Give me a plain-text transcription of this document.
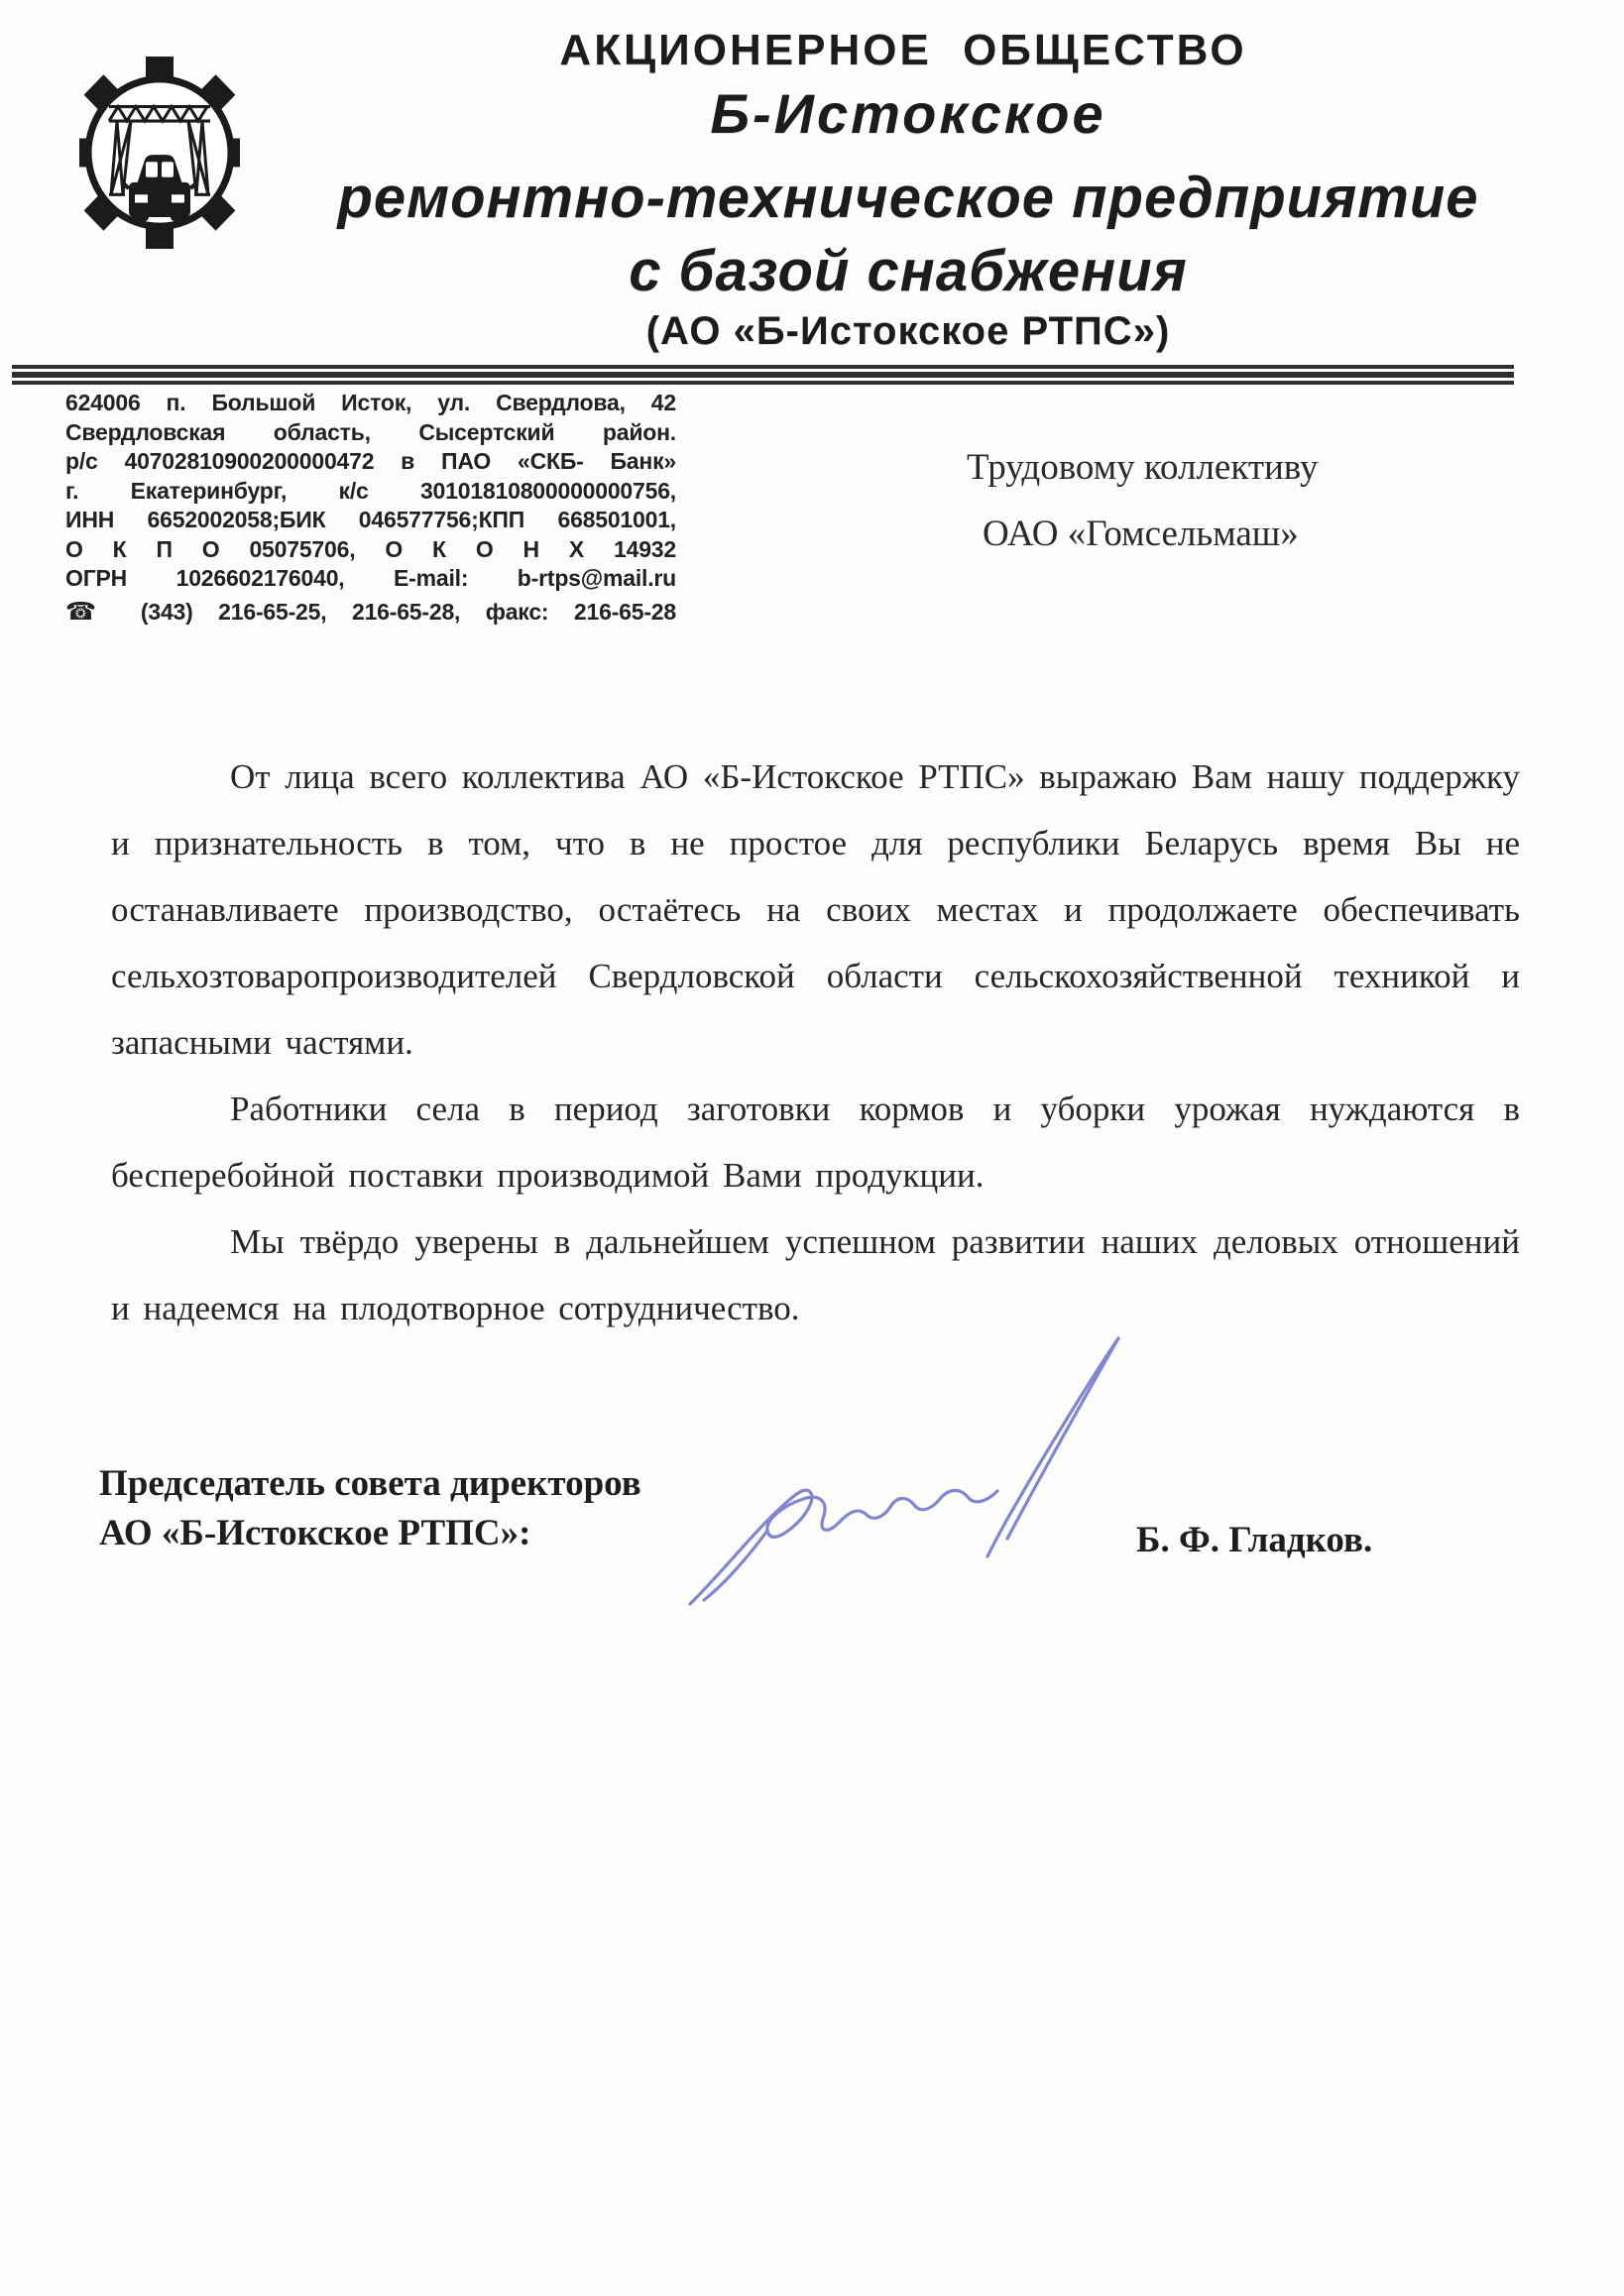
АКЦИОНЕРНОЕ ОБЩЕСТВО
Б-Истокское
ремонтно-техническое предприятие
с базой снабжения
(АО «Б-Истокское РТПС»)
624006 п. Большой Исток, ул. Свердлова, 42
Свердловская область, Сысертский район.
р/с 40702810900200000472 в ПАО «СКБ- Банк»
г. Екатеринбург, к/с 30101810800000000756,
ИНН 6652002058;БИК 046577756;КПП 668501001,
О К П О 05075706, О К О Н Х 14932
ОГРН 1026602176040, E-mail: b-rtps@mail.ru
☎ (343) 216-65-25, 216-65-28, факс: 216-65-28
Трудовому коллективу
ОАО «Гомсельмаш»

От лица всего коллектива АО «Б-Истокское РТПС» выражаю Вам нашу поддержку и признательность в том, что в не простое для республики Беларусь время Вы не останавливаете производство, остаётесь на своих местах и продолжаете обеспечивать сельхозтоваропроизводителей Свердловской области сельскохозяйственной техникой и запасными частями.

Работники села в период заготовки кормов и уборки урожая нуждаются в бесперебойной поставки производимой Вами продукции.

Мы твёрдо уверены в дальнейшем успешном развитии наших деловых отношений и надеемся на плодотворное сотрудничество.

Председатель совета директоров
АО «Б-Истокское РТПС»:	Б. Ф. Гладков.
